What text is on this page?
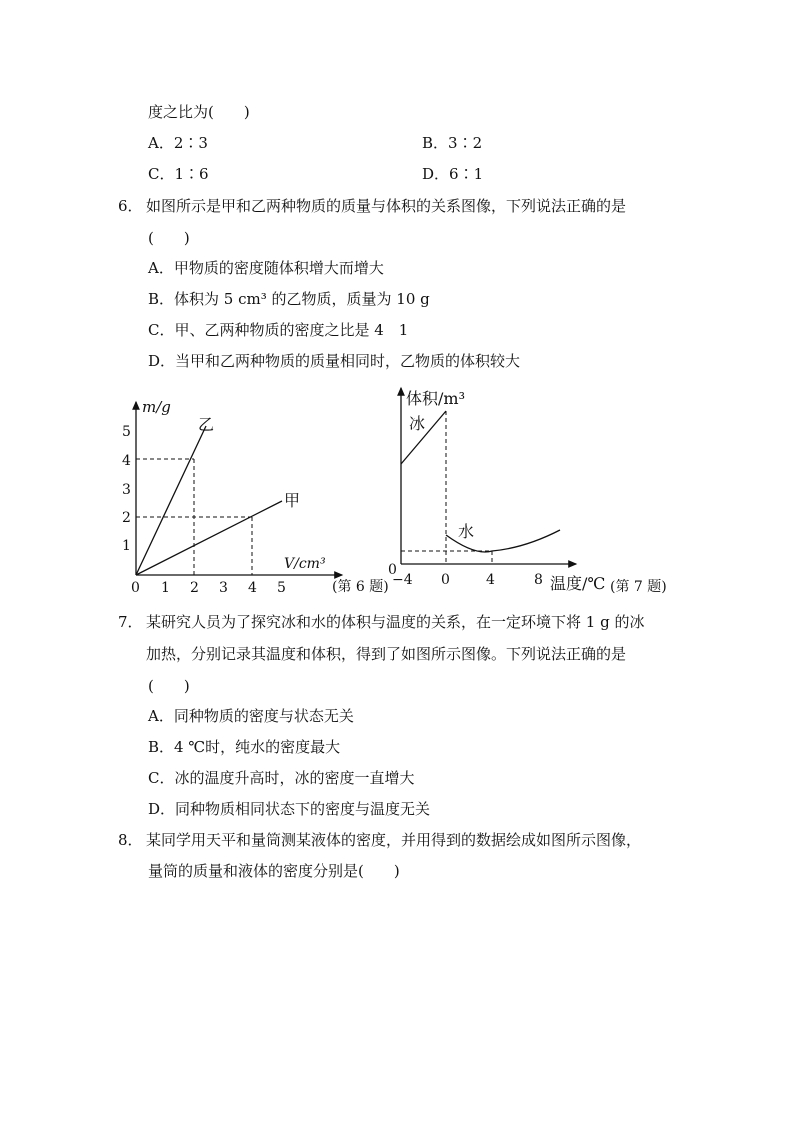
度之比为(　　)
A．2∶3	B．3∶2
C．1∶6	D．6∶1
6． 如图所示是甲和乙两种物质的质量与体积的关系图像，下列说法正确的是
(　　)
A．甲物质的密度随体积增大而增大
B．体积为 5 cm³ 的乙物质，质量为 10 g
C．甲、乙两种物质的密度之比是 4　1
D．当甲和乙两种物质的质量相同时，乙物质的体积较大
m/g
V/cm³
5
4
3
2
1
0 1 2 3 4 5
乙
甲
(第 6 题)
体积/m³
温度/℃
冰
水
0
−4 0	4	8	(第 7 题)
7． 某研究人员为了探究冰和水的体积与温度的关系，在一定环境下将 1 g 的冰
加热，分别记录其温度和体积，得到了如图所示图像。下列说法正确的是
(　　)
A．同种物质的密度与状态无关
B．4 ℃时，纯水的密度最大
C．冰的温度升高时，冰的密度一直增大
D．同种物质相同状态下的密度与温度无关
8． 某同学用天平和量筒测某液体的密度，并用得到的数据绘成如图所示图像，
量筒的质量和液体的密度分别是(　　)
